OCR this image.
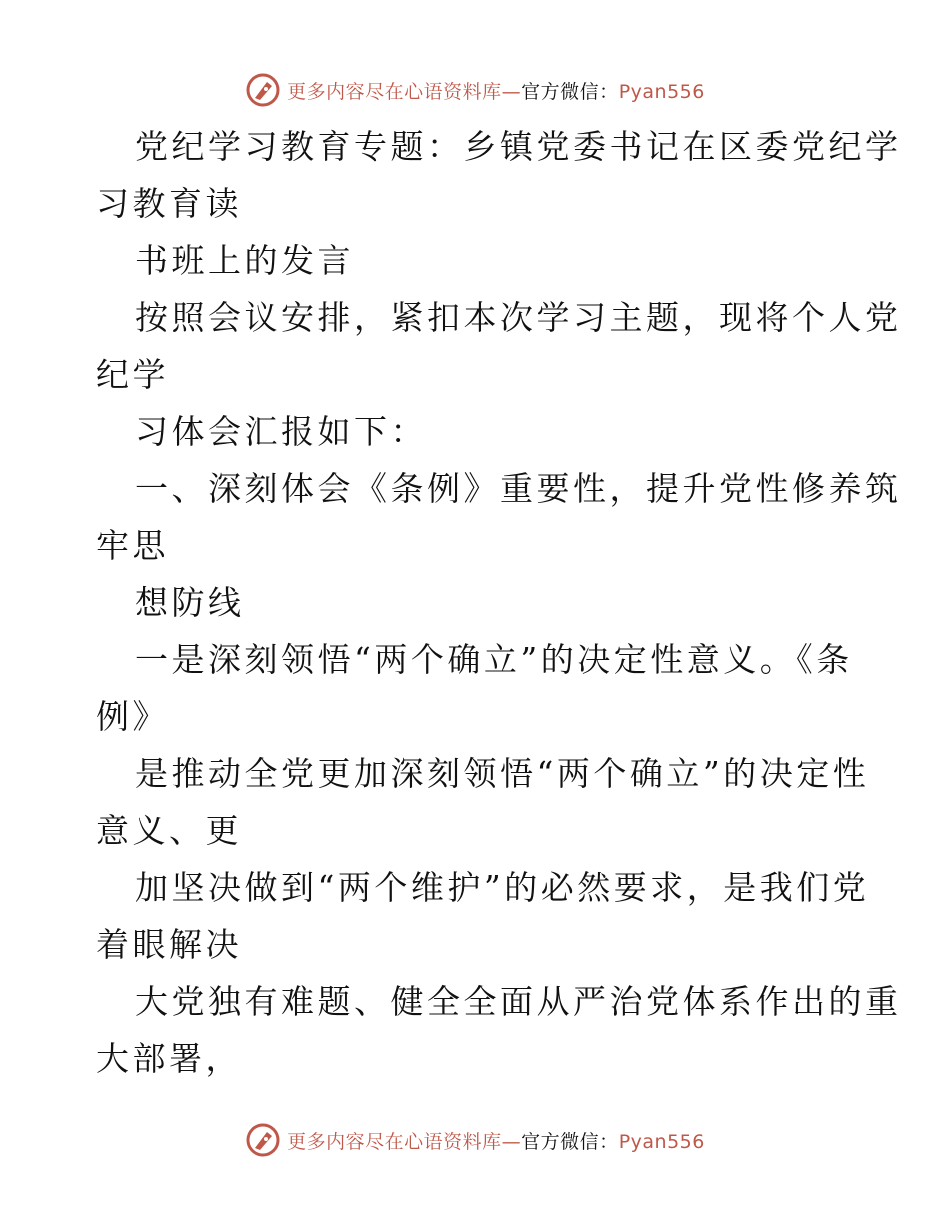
更多内容尽在心语资料库—官方微信：Pyan556
党纪学习教育专题：乡镇党委书记在区委党纪学
习教育读
书班上的发言
按照会议安排，紧扣本次学习主题，现将个人党
纪学
习体会汇报如下：
一、深刻体会《条例》重要性，提升党性修养筑
牢思
想防线
一是深刻领悟“两个确立”的决定性意义。《条
例》
是推动全党更加深刻领悟“两个确立”的决定性
意义、更
加坚决做到“两个维护”的必然要求，是我们党
着眼解决
大党独有难题、健全全面从严治党体系作出的重
大部署，
更多内容尽在心语资料库—官方微信：Pyan556
